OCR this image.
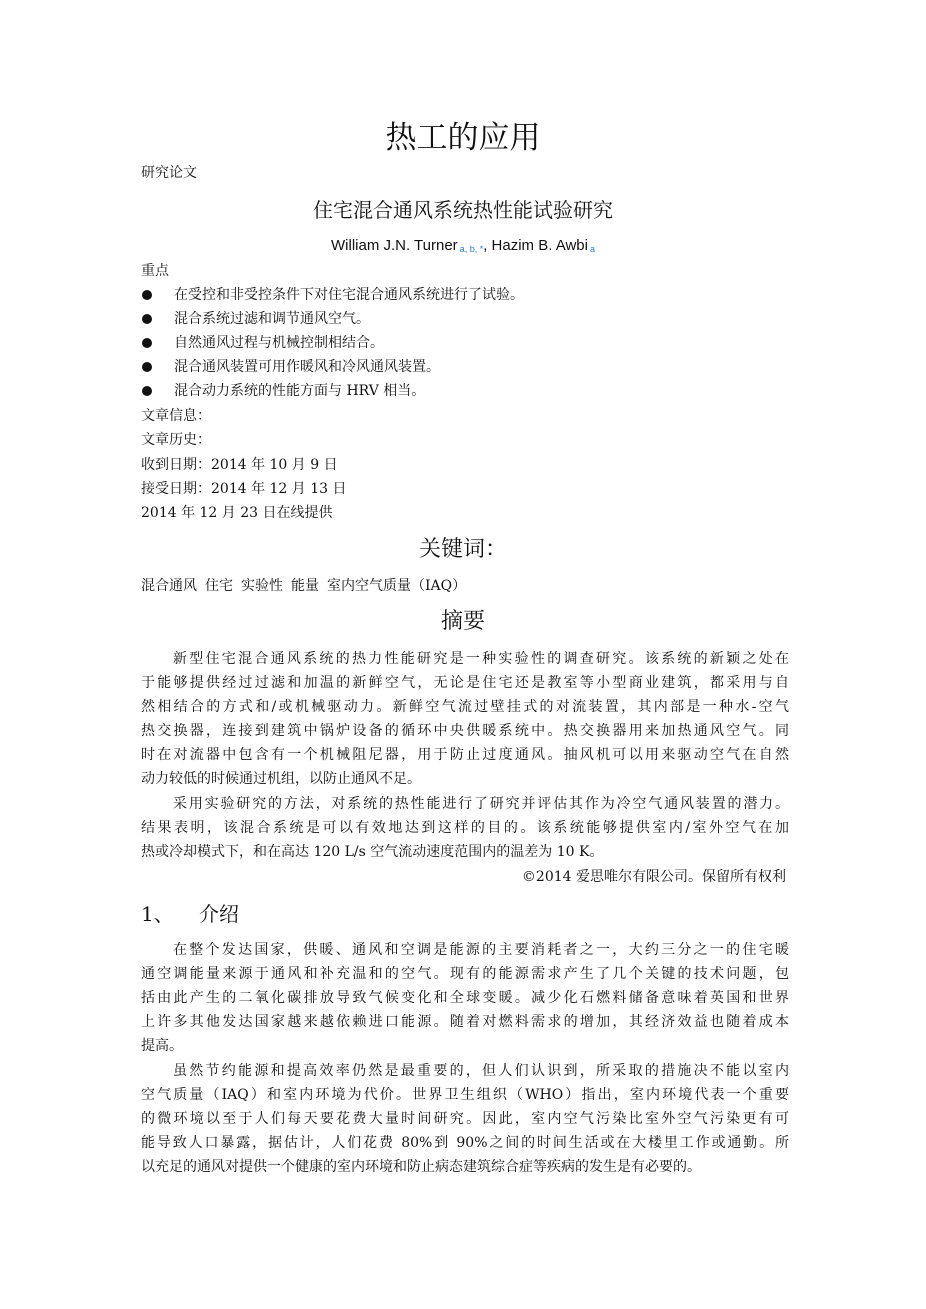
热工的应用
研究论文
住宅混合通风系统热性能试验研究
William J.N. Turner a, b, *, Hazim B. Awbi a
重点
在受控和非受控条件下对住宅混合通风系统进行了试验。
混合系统过滤和调节通风空气。
自然通风过程与机械控制相结合。
混合通风装置可用作暖风和冷风通风装置。
混合动力系统的性能方面与 HRV 相当。
文章信息：
文章历史：
收到日期：2014 年 10 月 9 日
接受日期：2014 年 12 月 13 日
2014 年 12 月 23 日在线提供
关键词：
混合通风 住宅 实验性 能量 室内空气质量（IAQ）
摘要
新型住宅混合通风系统的热力性能研究是一种实验性的调查研究。该系统的新颖之处在
于能够提供经过过滤和加温的新鲜空气，无论是住宅还是教室等小型商业建筑，都采用与自
然相结合的方式和/或机械驱动力。新鲜空气流过壁挂式的对流装置，其内部是一种水-空气
热交换器，连接到建筑中锅炉设备的循环中央供暖系统中。热交换器用来加热通风空气。同
时在对流器中包含有一个机械阻尼器，用于防止过度通风。抽风机可以用来驱动空气在自然
动力较低的时候通过机组，以防止通风不足。
采用实验研究的方法，对系统的热性能进行了研究并评估其作为冷空气通风装置的潜力。
结果表明，该混合系统是可以有效地达到这样的目的。该系统能够提供室内/室外空气在加
热或冷却模式下，和在高达 120 L/s 空气流动速度范围内的温差为 10 K。
©2014 爱思唯尔有限公司。保留所有权利
1、 介绍
在整个发达国家，供暖、通风和空调是能源的主要消耗者之一，大约三分之一的住宅暖
通空调能量来源于通风和补充温和的空气。现有的能源需求产生了几个关键的技术问题，包
括由此产生的二氧化碳排放导致气候变化和全球变暖。减少化石燃料储备意味着英国和世界
上许多其他发达国家越来越依赖进口能源。随着对燃料需求的增加，其经济效益也随着成本
提高。
虽然节约能源和提高效率仍然是最重要的，但人们认识到，所采取的措施决不能以室内
空气质量（IAQ）和室内环境为代价。世界卫生组织（WHO）指出，室内环境代表一个重要
的微环境以至于人们每天要花费大量时间研究。因此，室内空气污染比室外空气污染更有可
能导致人口暴露，据估计，人们花费 80%到 90%之间的时间生活或在大楼里工作或通勤。所
以充足的通风对提供一个健康的室内环境和防止病态建筑综合症等疾病的发生是有必要的。
